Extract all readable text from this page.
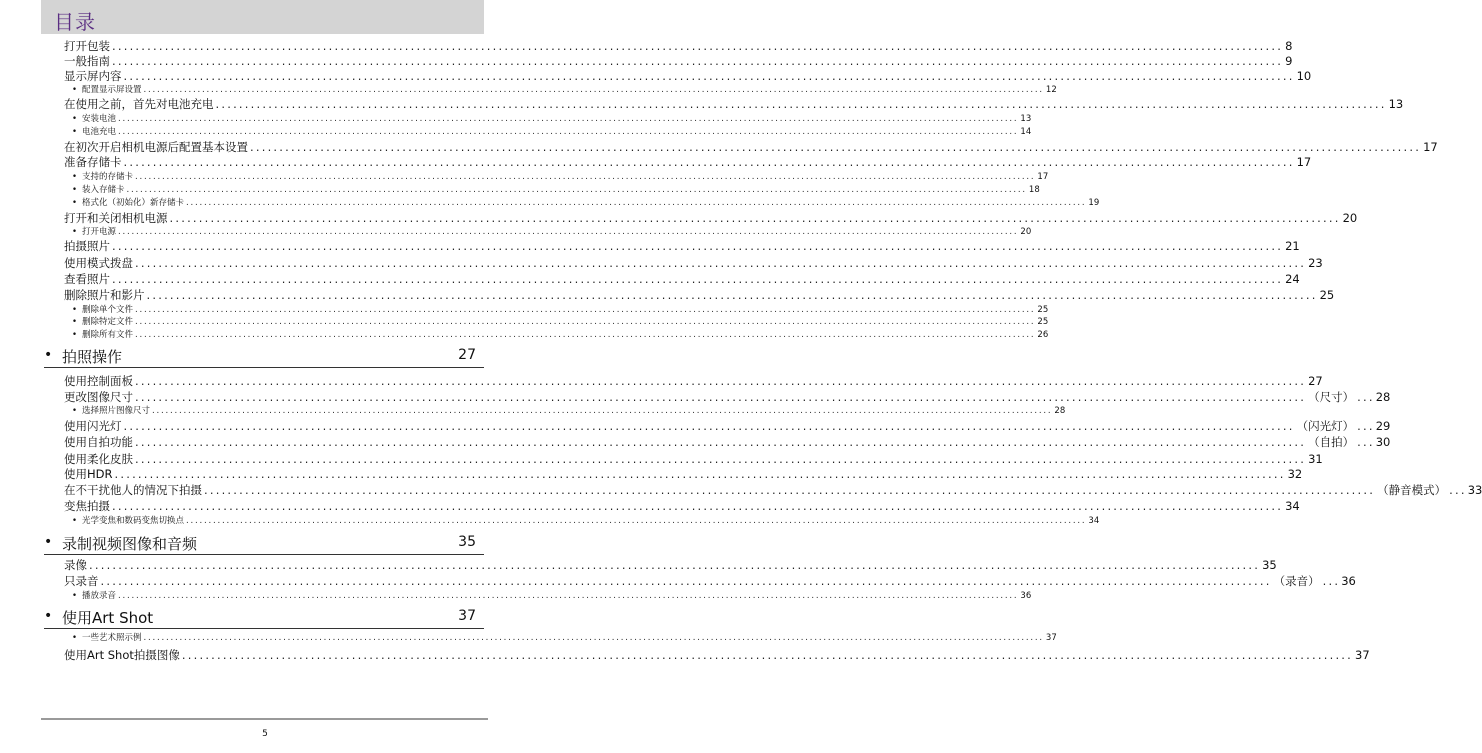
目录
打开包装 ........................................................................................................................................................................................................ 8
一般指南 ........................................................................................................................................................................................................ 9
显示屏内容 ........................................................................................................................................................................................................ 10
• 配置显示屏设置 ........................................................................................................................................................................................................ 12
在使用之前，首先对电池充电 ........................................................................................................................................................................................................ 13
• 安装电池 ........................................................................................................................................................................................................ 13
• 电池充电 ........................................................................................................................................................................................................ 14
在初次开启相机电源后配置基本设置 ........................................................................................................................................................................................................ 17
准备存储卡 ........................................................................................................................................................................................................ 17
• 支持的存储卡 ........................................................................................................................................................................................................ 17
• 装入存储卡 ........................................................................................................................................................................................................ 18
• 格式化（初始化）新存储卡 ........................................................................................................................................................................................................ 19
打开和关闭相机电源 ........................................................................................................................................................................................................ 20
• 打开电源 ........................................................................................................................................................................................................ 20
拍摄照片 ........................................................................................................................................................................................................ 21
使用模式拨盘 ........................................................................................................................................................................................................ 23
查看照片 ........................................................................................................................................................................................................ 24
删除照片和影片 ........................................................................................................................................................................................................ 25
• 删除单个文件 ........................................................................................................................................................................................................ 25
• 删除特定文件 ........................................................................................................................................................................................................ 25
• 删除所有文件 ........................................................................................................................................................................................................ 26
• 拍照操作	27
使用控制面板 ........................................................................................................................................................................................................ 27
更改图像尺寸 ........................................................................................................................................................................................................ （尺寸） ... 28
• 选择照片图像尺寸 ........................................................................................................................................................................................................ 28
使用闪光灯 ........................................................................................................................................................................................................ （闪光灯） ... 29
使用自拍功能 ........................................................................................................................................................................................................ （自拍） ... 30
使用柔化皮肤 ........................................................................................................................................................................................................ 31
使用HDR ........................................................................................................................................................................................................ 32
在不干扰他人的情况下拍摄 ........................................................................................................................................................................................................ （静音模式） ... 33
变焦拍摄 ........................................................................................................................................................................................................ 34
• 光学变焦和数码变焦切换点 ........................................................................................................................................................................................................ 34
• 录制视频图像和音频	35
录像 ........................................................................................................................................................................................................ 35
只录音 ........................................................................................................................................................................................................ （录音） ... 36
• 播放录音 ........................................................................................................................................................................................................ 36
• 使用Art Shot	37
• 一些艺术照示例 ........................................................................................................................................................................................................ 37
使用Art Shot拍摄图像 ........................................................................................................................................................................................................ 37
5
